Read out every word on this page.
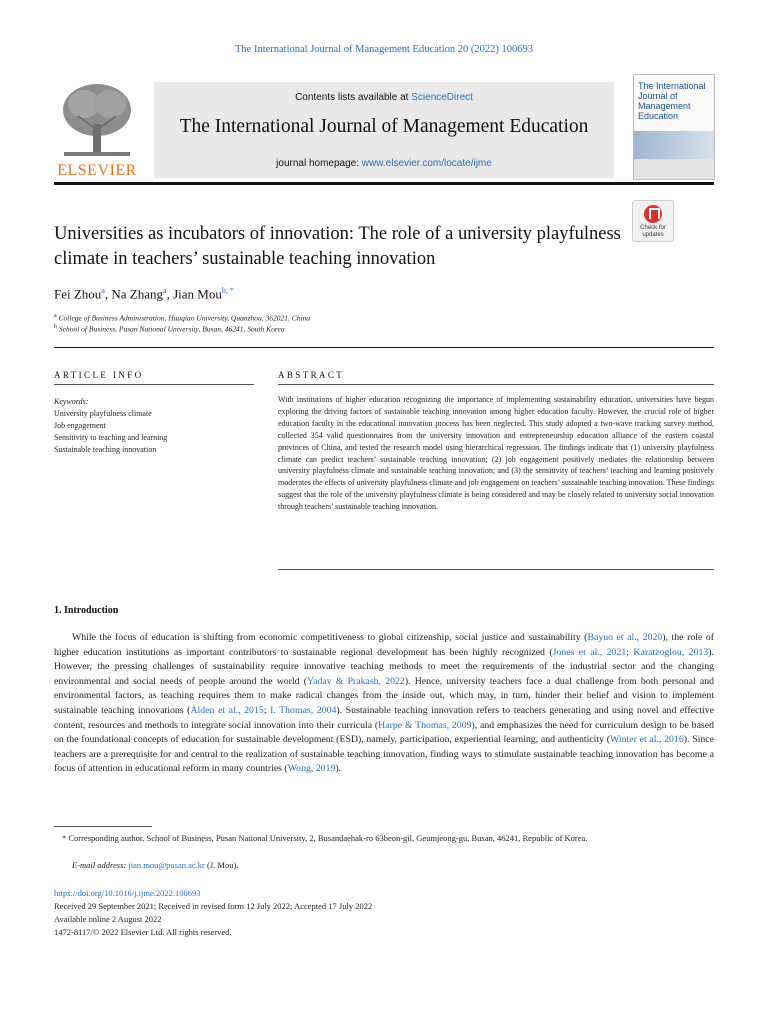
The International Journal of Management Education 20 (2022) 100693
ELSEVIER
Contents lists available at ScienceDirect
The International Journal of Management Education
journal homepage: www.elsevier.com/locate/ijme
The International Journal of Management Education
Universities as incubators of innovation: The role of a university playfulness climate in teachers’ sustainable teaching innovation
Check for updates
Fei Zhou$^a$, Na Zhang$^a$, Jian Mou$^{b, *}$
$^a$ College of Business Administration, Huaqiao University, Quanzhou, 362021, China
$^b$ School of Business, Pusan National University, Busan, 46241, South Korea
ARTICLE INFO
Keywords:
University playfulness climate
Job engagement
Sensitivity to teaching and learning
Sustainable teaching innovation
ABSTRACT
With institutions of higher education recognizing the importance of implementing sustainability education, universities have begun exploring the driving factors of sustainable teaching innovation among higher education faculty. However, the crucial role of higher education faculty in the educational innovation process has been neglected. This study adopted a two-wave tracking survey method, collected 354 valid questionnaires from the university innovation and entrepreneurship education alliance of the eastern coastal provinces of China, and tested the research model using hierarchical regression. The findings indicate that (1) university playfulness climate can predict teachers’ sustainable teaching innovation; (2) job engagement positively mediates the relationship between university playfulness climate and sustainable teaching innovation; and (3) the sensitivity of teachers’ teaching and learning positively moderates the effects of university playfulness climate and job engagement on teachers’ sustainable teaching innovation. These findings suggest that the role of the university playfulness climate is being considered and may be closely related to university social innovation through teachers’ sustainable teaching innovation.
1. Introduction
While the focus of education is shifting from economic competitiveness to global citizenship, social justice and sustainability (Bayuo et al., 2020), the role of higher education institutions as important contributors to sustainable regional development has been highly recognized (Jones et al., 2021; Karatzoglou, 2013). However, the pressing challenges of sustainability require innovative teaching methods to meet the requirements of the industrial sector and the changing environmental and social needs of people around the world (Yadav & Prakash, 2022). Hence, university teachers face a dual challenge from both personal and environmental factors, as teaching requires them to make radical changes from the inside out, which may, in turn, hinder their belief and vision to implement sustainable teaching innovations (Alden et al., 2015; I. Thomas, 2004). Sustainable teaching innovation refers to teachers generating and using novel and effective content, resources and methods to integrate social innovation into their curricula (Harpe & Thomas, 2009), and emphasizes the need for curriculum design to be based on the foundational concepts of education for sustainable development (ESD), namely, participation, experiential learning, and authenticity (Winter et al., 2016). Since teachers are a prerequisite for and central to the realization of sustainable teaching innovation, finding ways to stimulate sustainable teaching innovation has become a focus of attention in educational reform in many countries (Wong, 2019).
* Corresponding author. School of Business, Pusan National University, 2, Busandaehak-ro 63beon-gil, Geumjeong-gu, Busan, 46241, Republic of Korea.
E-mail address: jian.mou@pusan.ac.kr (J. Mou).
https://doi.org/10.1016/j.ijme.2022.100693
Received 29 September 2021; Received in revised form 12 July 2022; Accepted 17 July 2022
Available online 2 August 2022
1472-8117/© 2022 Elsevier Ltd. All rights reserved.
